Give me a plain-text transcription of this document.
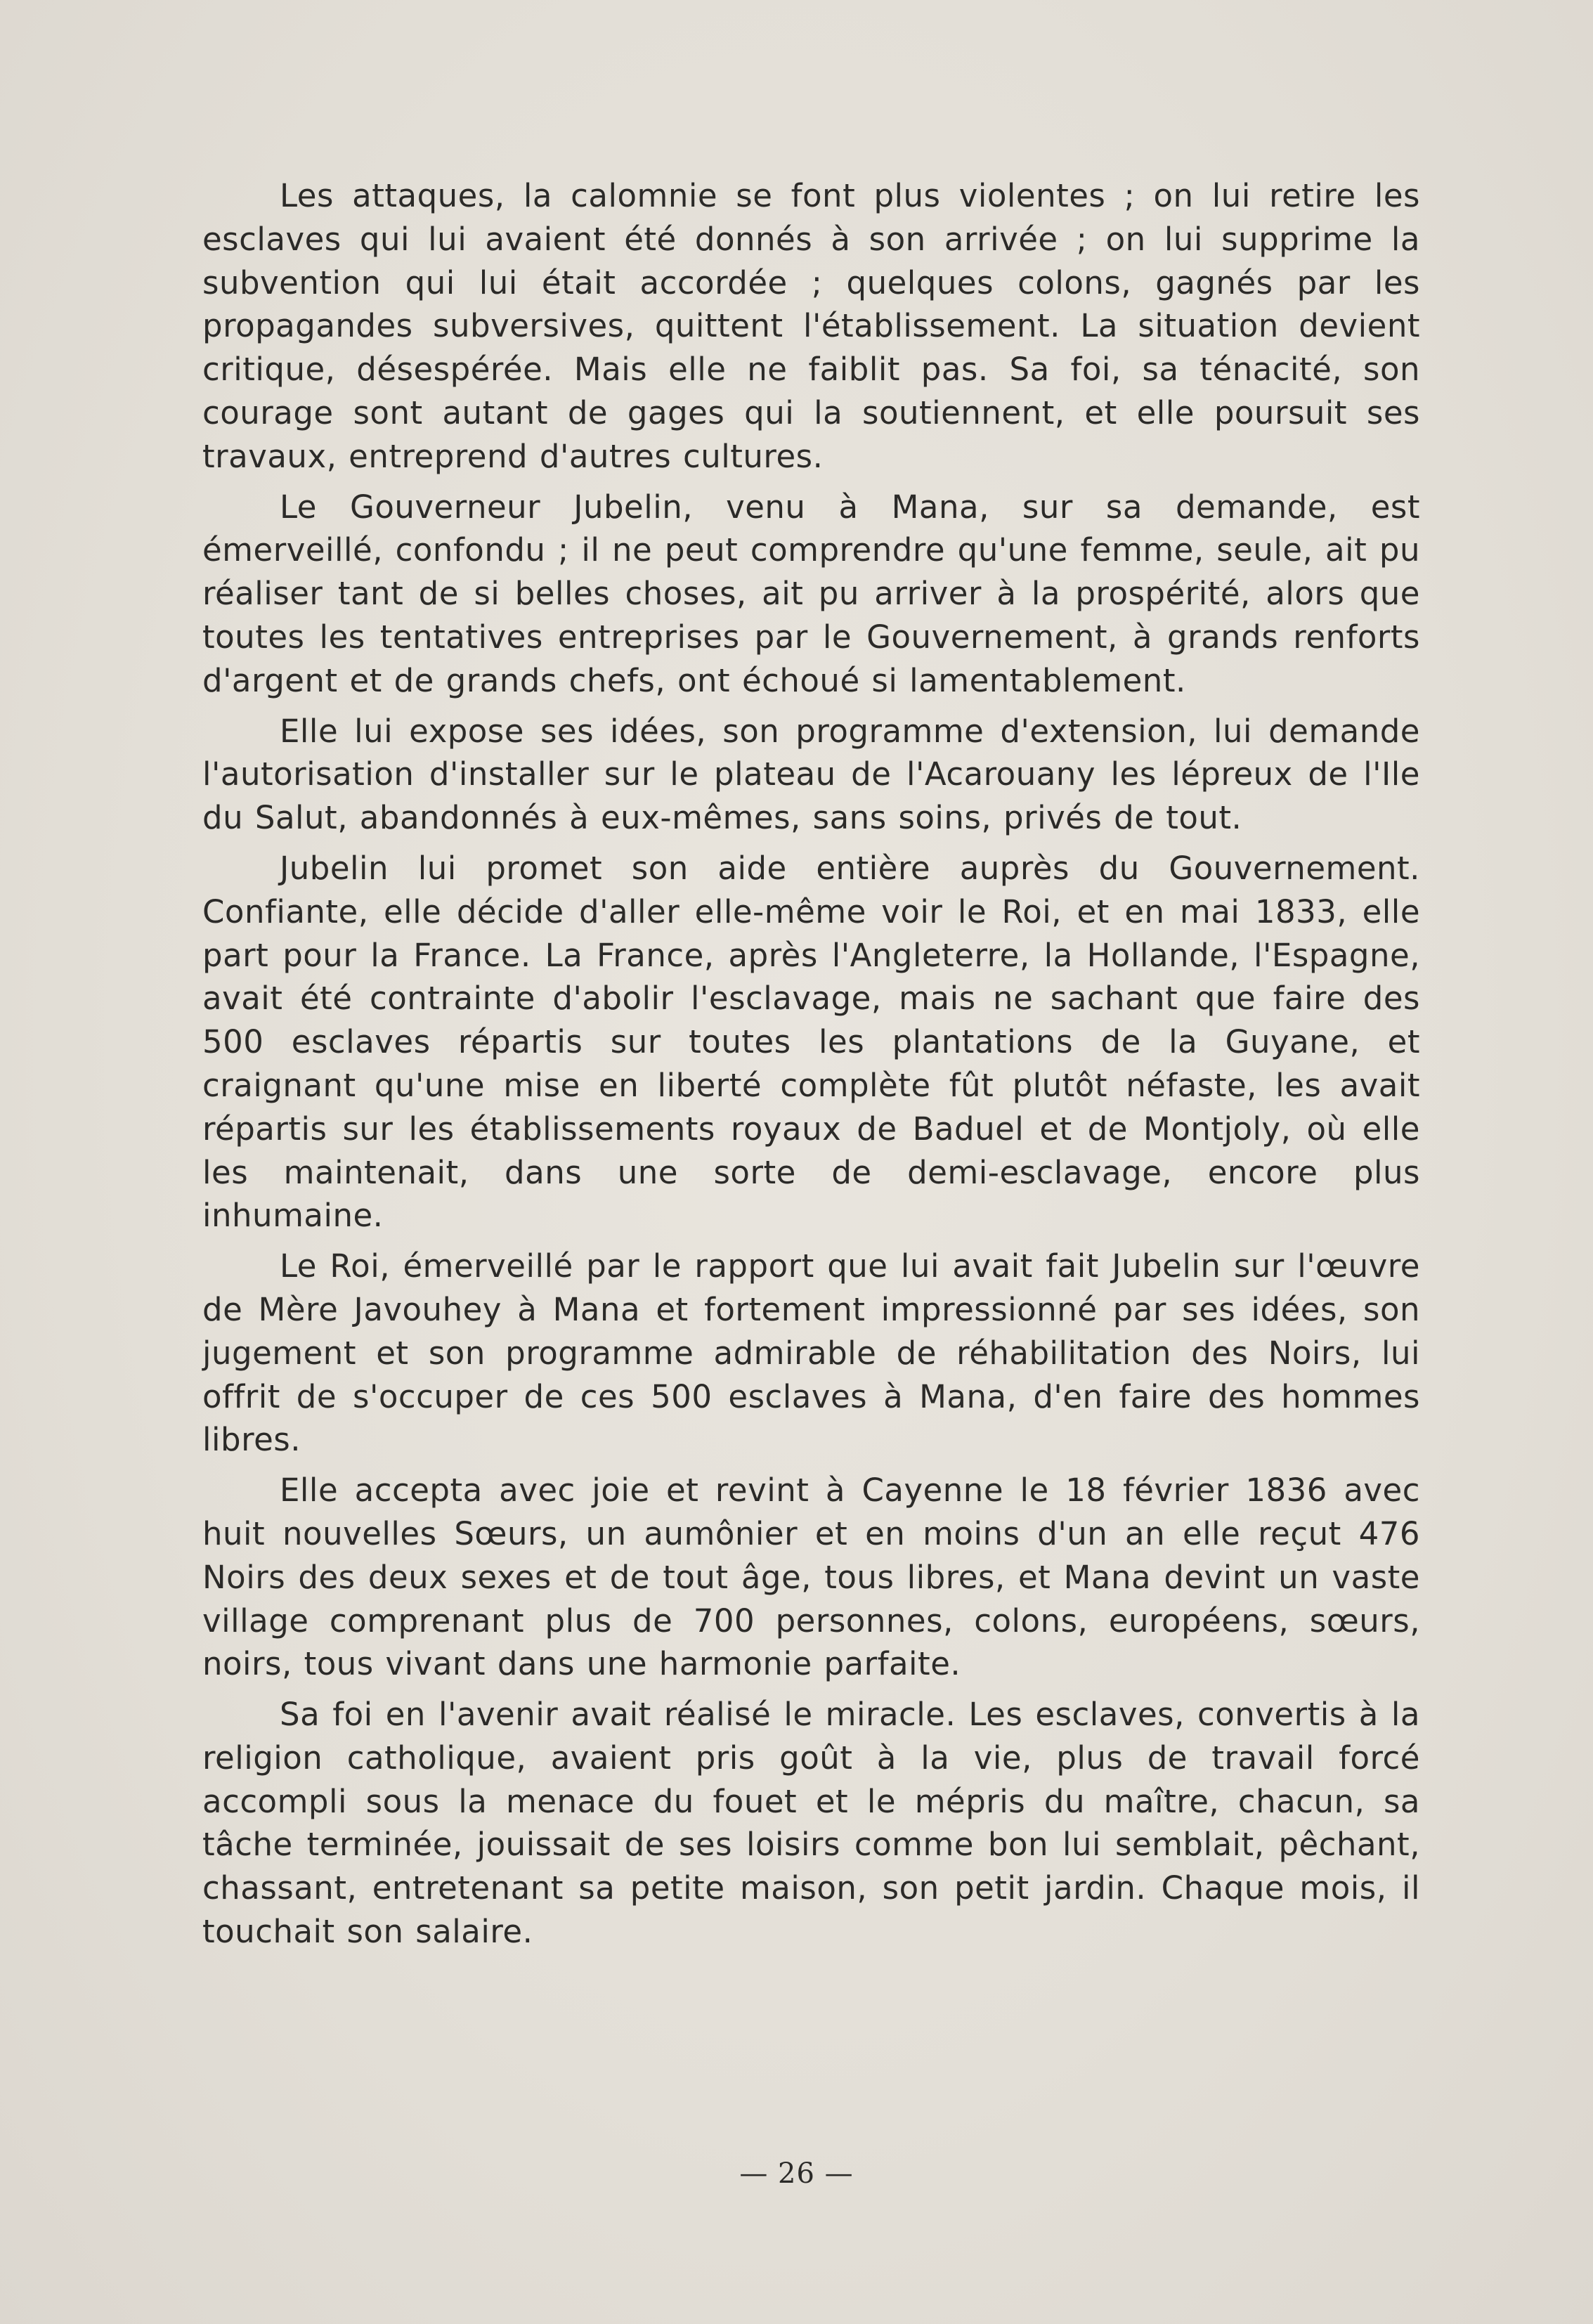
Les attaques, la calomnie se font plus violentes ; on lui retire les esclaves qui lui avaient été donnés à son arrivée ; on lui supprime la subvention qui lui était accordée ; quelques colons, gagnés par les propagandes subversives, quittent l'établissement. La situation devient critique, désespérée. Mais elle ne faiblit pas. Sa foi, sa ténacité, son courage sont autant de gages qui la soutiennent, et elle poursuit ses travaux, entreprend d'autres cultures.

Le Gouverneur Jubelin, venu à Mana, sur sa demande, est émerveillé, confondu ; il ne peut comprendre qu'une femme, seule, ait pu réaliser tant de si belles choses, ait pu arriver à la prospérité, alors que toutes les tentatives entreprises par le Gouvernement, à grands renforts d'argent et de grands chefs, ont échoué si lamentablement.

Elle lui expose ses idées, son programme d'extension, lui demande l'autorisation d'installer sur le plateau de l'Acarouany les lépreux de l'Ile du Salut, abandonnés à eux-mêmes, sans soins, privés de tout.

Jubelin lui promet son aide entière auprès du Gouvernement. Confiante, elle décide d'aller elle-même voir le Roi, et en mai 1833, elle part pour la France. La France, après l'Angleterre, la Hollande, l'Espagne, avait été contrainte d'abolir l'esclavage, mais ne sachant que faire des 500 esclaves répartis sur toutes les plantations de la Guyane, et craignant qu'une mise en liberté complète fût plutôt néfaste, les avait répartis sur les établissements royaux de Baduel et de Montjoly, où elle les maintenait, dans une sorte de demi-esclavage, encore plus inhumaine.

Le Roi, émerveillé par le rapport que lui avait fait Jubelin sur l'œuvre de Mère Javouhey à Mana et fortement impressionné par ses idées, son jugement et son programme admirable de réhabilitation des Noirs, lui offrit de s'occuper de ces 500 esclaves à Mana, d'en faire des hommes libres.

Elle accepta avec joie et revint à Cayenne le 18 février 1836 avec huit nouvelles Sœurs, un aumônier et en moins d'un an elle reçut 476 Noirs des deux sexes et de tout âge, tous libres, et Mana devint un vaste village comprenant plus de 700 personnes, colons, européens, sœurs, noirs, tous vivant dans une harmonie parfaite.

Sa foi en l'avenir avait réalisé le miracle. Les esclaves, convertis à la religion catholique, avaient pris goût à la vie, plus de travail forcé accompli sous la menace du fouet et le mépris du maître, chacun, sa tâche terminée, jouissait de ses loisirs comme bon lui semblait, pêchant, chassant, entretenant sa petite maison, son petit jardin. Chaque mois, il touchait son salaire.

— 26 —
